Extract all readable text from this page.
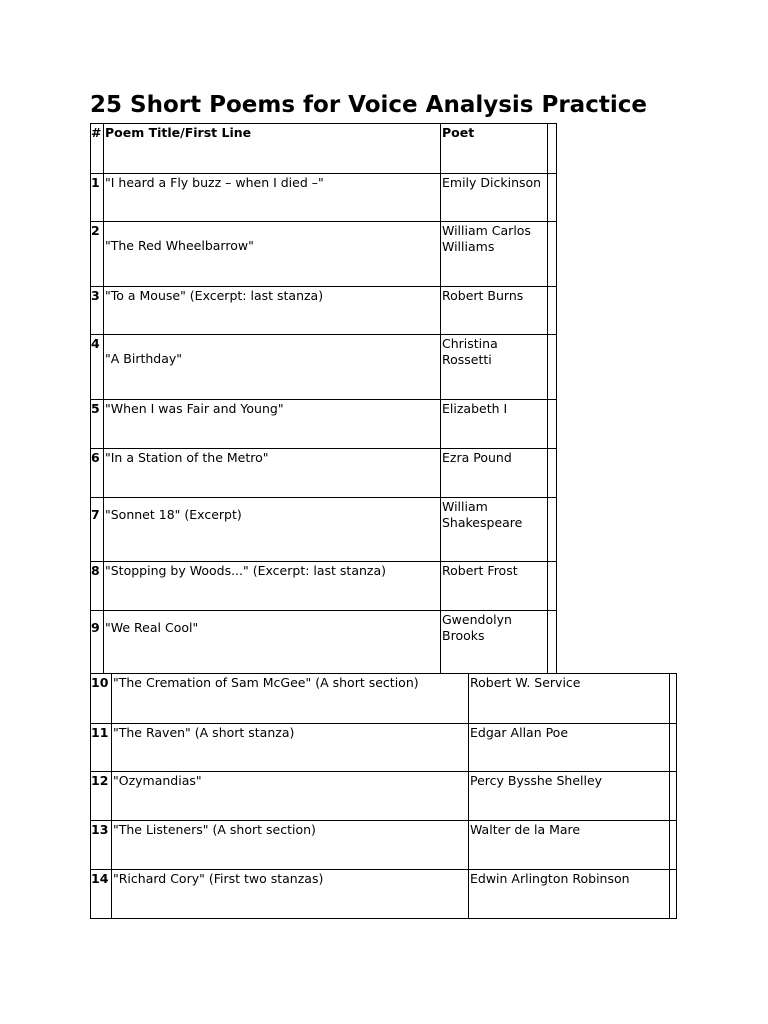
25 Short Poems for Voice Analysis Practice
#	Poem Title/First Line	Poet	
1	"I heard a Fly buzz – when I died –"	Emily Dickinson	
2	"The Red Wheelbarrow"	William Carlos Williams	
3	"To a Mouse" (Excerpt: last stanza)	Robert Burns	
4	"A Birthday"	Christina Rossetti	
5	"When I was Fair and Young"	Elizabeth I	
6	"In a Station of the Metro"	Ezra Pound	
7	"Sonnet 18" (Excerpt)	William Shakespeare	
8	"Stopping by Woods..." (Excerpt: last stanza)	Robert Frost	
9	"We Real Cool"	Gwendolyn Brooks	
10	"The Cremation of Sam McGee" (A short section)	Robert W. Service	
11	"The Raven" (A short stanza)	Edgar Allan Poe	
12	"Ozymandias"	Percy Bysshe Shelley	
13	"The Listeners" (A short section)	Walter de la Mare	
14	"Richard Cory" (First two stanzas)	Edwin Arlington Robinson	
